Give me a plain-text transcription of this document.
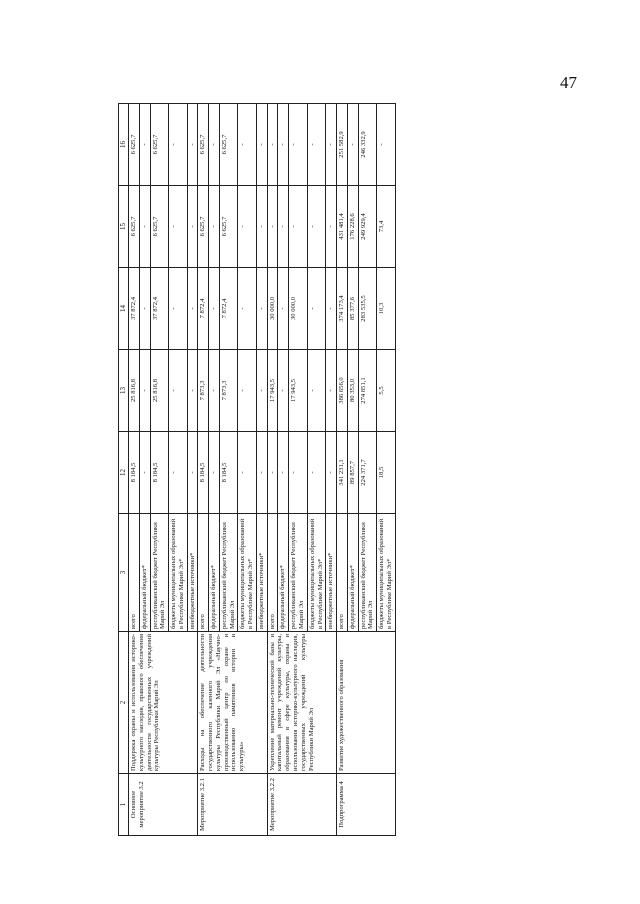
47
1	2	3	12	13	14	15	16
Основное мероприятие 3.2	Поддержка охраны и использования историко-культурного наследия, правового обеспечения деятельности государственных учреждений культуры Республики Марий Эл	всего	8 184,5	25 816,8	37 872,4	6 625,7	6 625,7
		федеральный бюджет*	-	-	-	-	-
		республиканский бюджет Республики Марий Эл	8 184,5	25 816,8	37 872,4	6 625,7	6 625,7
		бюджеты муниципальных образований в Республике Марий Эл*	-	-	-	-	-
		внебюджетные источники*	-	-	-	-	-
Мероприятие 3.2.1	Расходы на обеспечение деятельности государственного казенного учреждения культуры Республики Марий Эл «Научно-производственный центр по охране и использованию памятников истории и культуры»	всего	8 184,5	7 873,3	7 872,4	6 625,7	6 625,7
		федеральный бюджет*	-	-	-	-	-
		республиканский бюджет Республики Марий Эл	8 184,5	7 873,3	7 872,4	6 625,7	6 625,7
		бюджеты муниципальных образований в Республике Марий Эл*	-	-	-	-	-
		внебюджетные источники*	-	-	-	-	-
Мероприятие 3.2.2	Укрепление материально-технической базы и капитальный ремонт учреждений культуры, образования в сфере культуры, охраны и использования историко-культурного наследия, государственных учреждений культуры Республики Марий Эл	всего	-	17 943,5	30 000,0	-	-
		федеральный бюджет*	-	-	-	-	-
		республиканский бюджет Республики Марий Эл	-	17 943,5	30 000,0	-	-
		бюджеты муниципальных образований в Республике Марий Эл*	-	-	-	-	-
		внебюджетные источники*	-	-	-	-	-
Подпрограмма 4	Развитие художественного образования	всего	341 231,1	386 656,0	374 173,4	431 481,4	251 582,9
		федеральный бюджет*	89 857,7	80 353,0	85 377,6	176 228,6	-
		республиканский бюджет Республики Марий Эл	224 371,7	274 851,1	283 535,5	249 929,4	246 332,9
		бюджеты муниципальных образований в Республике Марий Эл*	18,5	5,5	10,3	73,4	-
